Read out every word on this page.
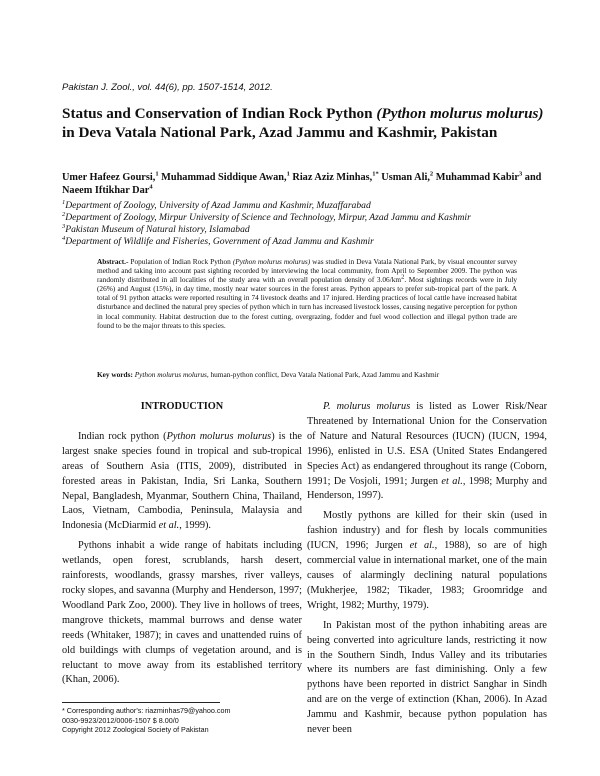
Pakistan J. Zool., vol. 44(6), pp. 1507-1514, 2012.
Status and Conservation of Indian Rock Python (Python molurus molurus) in Deva Vatala National Park, Azad Jammu and Kashmir, Pakistan
Umer Hafeez Goursi,$^1$ Muhammad Siddique Awan,$^1$ Riaz Aziz Minhas,$^{1*}$ Usman Ali,$^2$ Muhammad Kabir$^3$ and Naeem Iftikhar Dar$^4$
$^1$Department of Zoology, University of Azad Jammu and Kashmir, Muzaffarabad
$^2$Department of Zoology, Mirpur University of Science and Technology, Mirpur, Azad Jammu and Kashmir
$^3$Pakistan Museum of Natural history, Islamabad
$^4$Department of Wildlife and Fisheries, Government of Azad Jammu and Kashmir
Abstract.- Population of Indian Rock Python (Python molurus molurus) was studied in Deva Vatala National Park, by visual encounter survey method and taking into account past sighting recorded by interviewing the local community, from April to September 2009. The python was randomly distributed in all localities of the study area with an overall population density of $3.06/km^2$. Most sightings records were in July (26%) and August (15%), in day time, mostly near water sources in the forest areas. Python appears to prefer sub-tropical part of the park. A total of 91 python attacks were reported resulting in 74 livestock deaths and 17 injured. Herding practices of local cattle have increased habitat disturbance and declined the natural prey species of python which in turn has increased livestock losses, causing negative perception for python in local community. Habitat destruction due to the forest cutting, overgrazing, fodder and fuel wood collection and illegal python trade are found to be the major threats to this species.
Key words: Python molurus molurus, human-python conflict, Deva Vatala National Park, Azad Jammu and Kashmir
INTRODUCTION

Indian rock python (Python molurus molurus) is the largest snake species found in tropical and sub-tropical areas of Southern Asia (ITIS, 2009), distributed in forested areas in Pakistan, India, Sri Lanka, Southern Nepal, Bangladesh, Myanmar, Southern China, Thailand, Laos, Vietnam, Cambodia, Peninsula, Malaysia and Indonesia (McDiarmid et al., 1999).

Pythons inhabit a wide range of habitats including wetlands, open forest, scrublands, harsh desert, rainforests, woodlands, grassy marshes, river valleys, rocky slopes, and savanna (Murphy and Henderson, 1997; Woodland Park Zoo, 2000). They live in hollows of trees, mangrove thickets, mammal burrows and dense water reeds (Whitaker, 1987); in caves and unattended ruins of old buildings with clumps of vegetation around, and is reluctant to move away from its established territory (Khan, 2006).

P. molurus molurus is listed as Lower Risk/Near Threatened by International Union for the Conservation of Nature and Natural Resources (IUCN) (IUCN, 1994, 1996), enlisted in U.S. ESA (United States Endangered Species Act) as endangered throughout its range (Coborn, 1991; De Vosjoli, 1991; Jurgen et al., 1998; Murphy and Henderson, 1997).

Mostly pythons are killed for their skin (used in fashion industry) and for flesh by locals communities (IUCN, 1996; Jurgen et al., 1988), so are of high commercial value in international market, one of the main causes of alarmingly declining natural populations (Mukherjee, 1982; Tikader, 1983; Groomridge and Wright, 1982; Murthy, 1979).

In Pakistan most of the python inhabiting areas are being converted into agriculture lands, restricting it now in the Southern Sindh, Indus Valley and its tributaries where its numbers are fast diminishing. Only a few pythons have been reported in district Sanghar in Sindh and are on the verge of extinction (Khan, 2006). In Azad Jammu and Kashmir, because python population has never been

* Corresponding author's: riazminhas79@yahoo.com
0030-9923/2012/0006-1507 $ 8.00/0
Copyright 2012 Zoological Society of Pakistan
